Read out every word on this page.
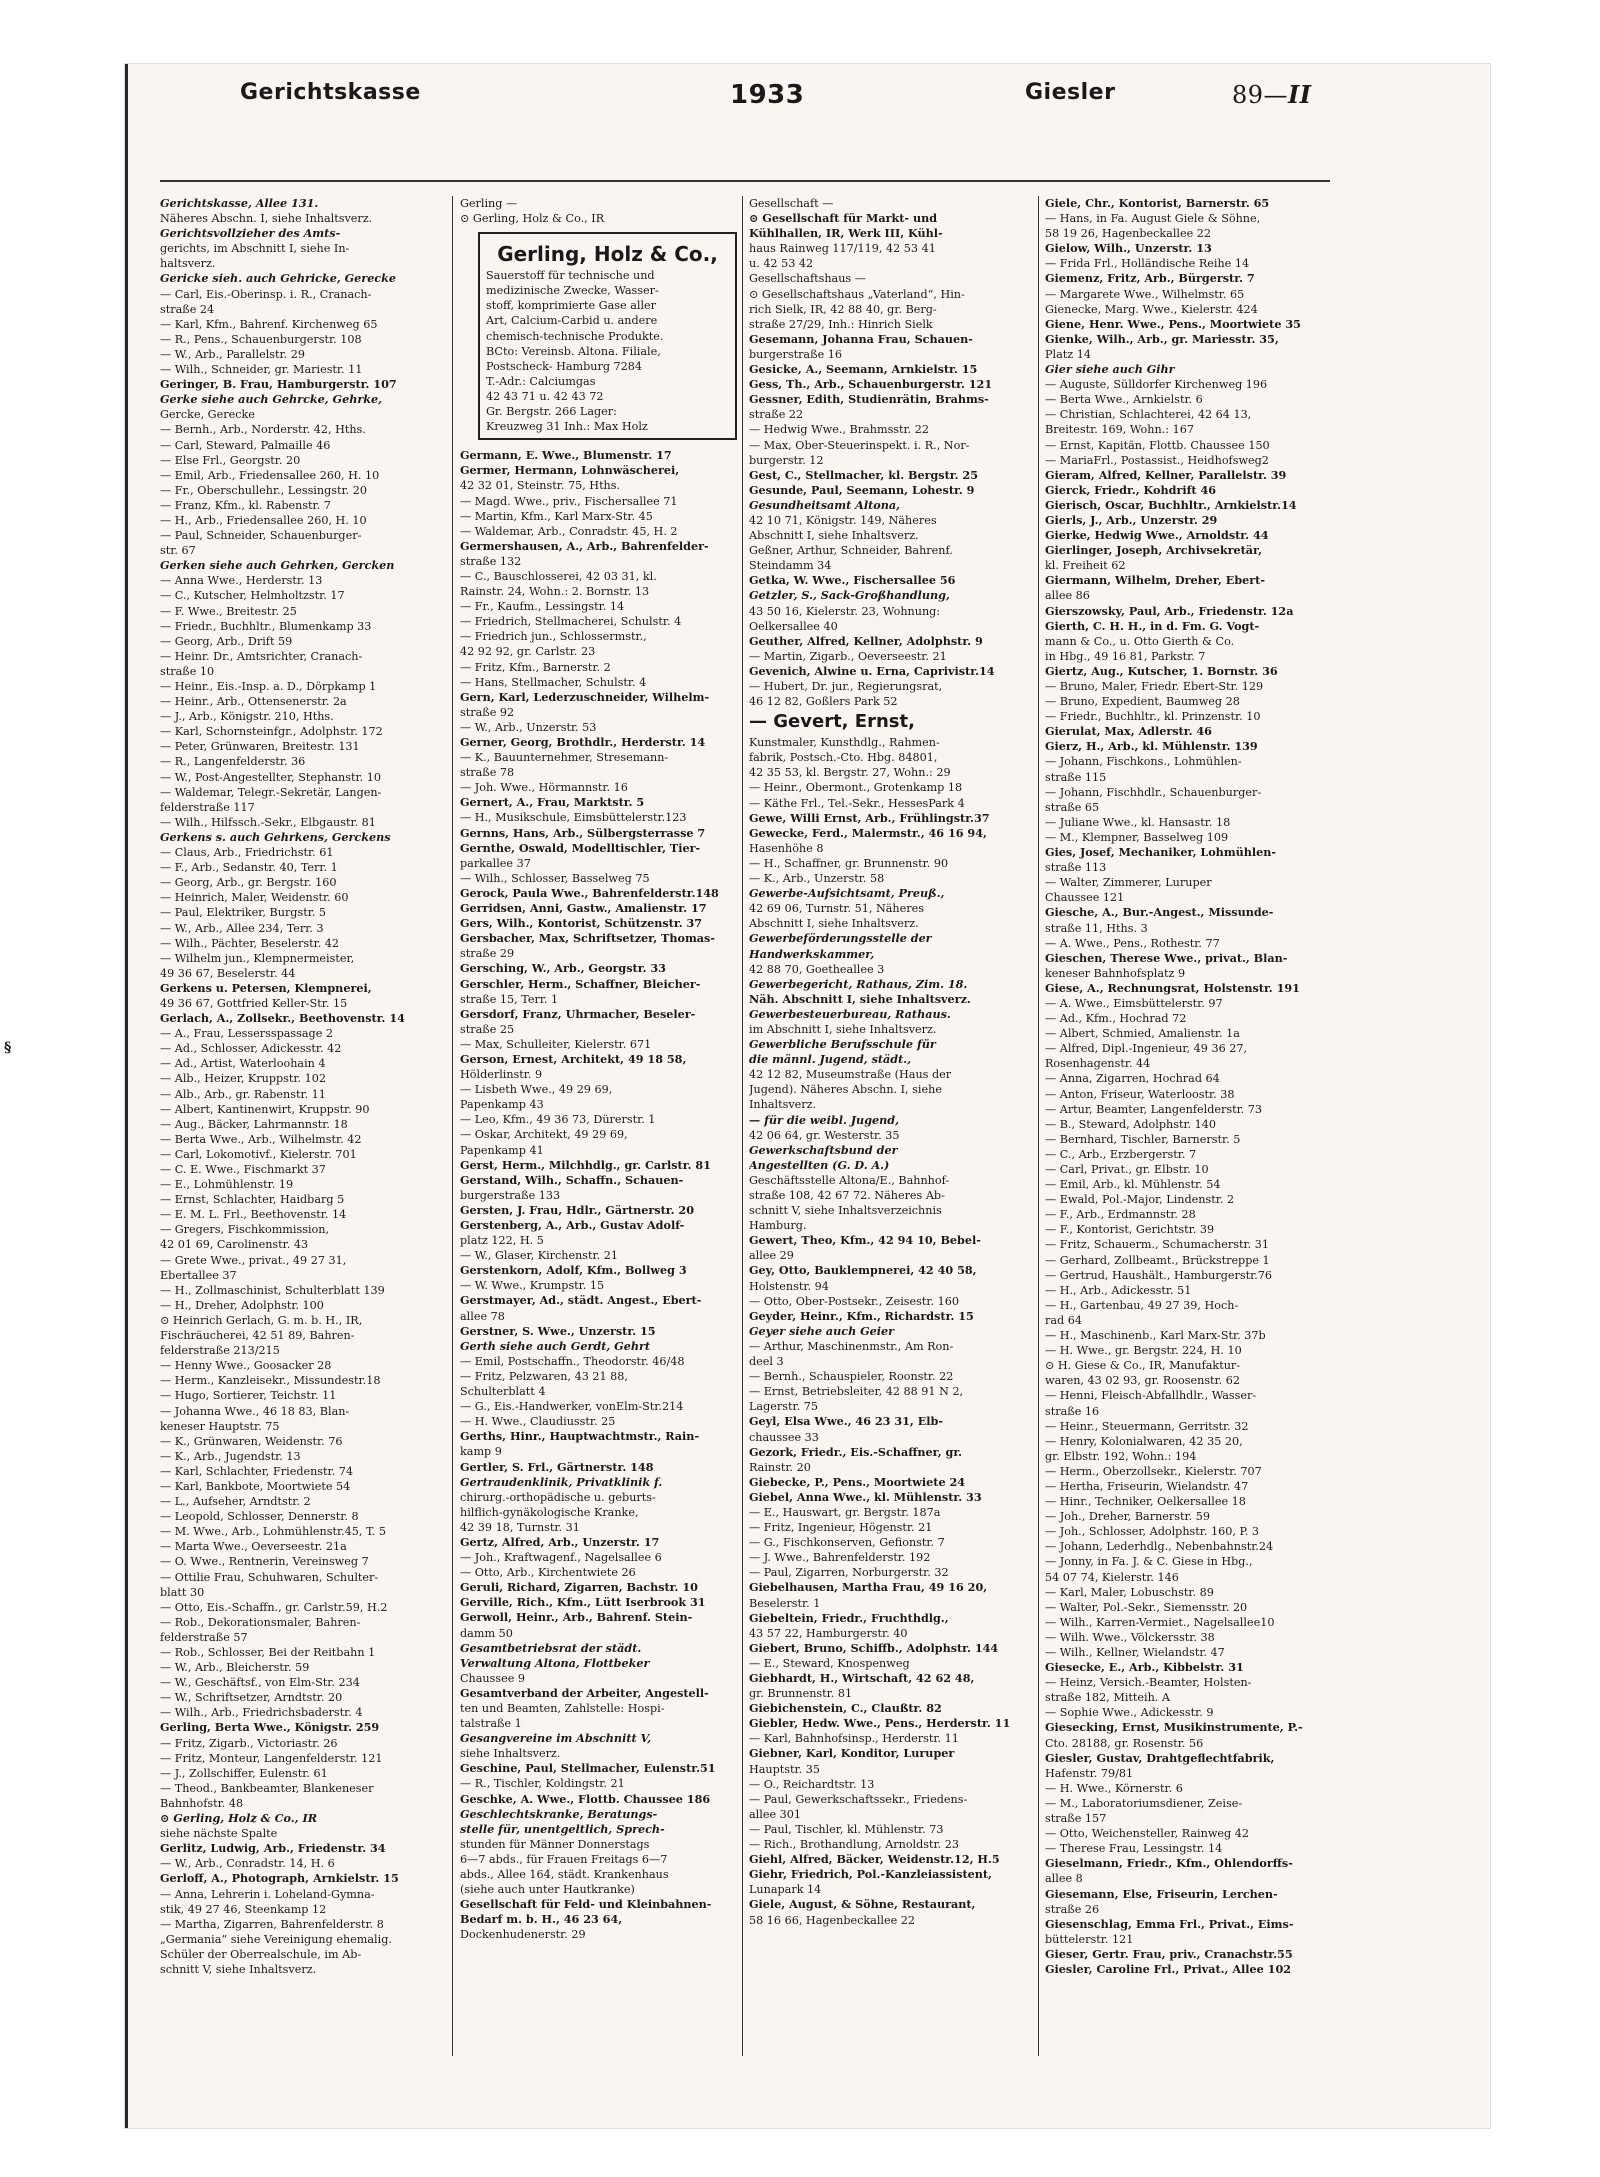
Gerichtskasse	1933	Giesler	89—II
§
Gerichtskasse, Allee 131.
Näheres Abschn. I, siehe Inhaltsverz.
Gerichtsvollzieher des Amts-
gerichts, im Abschnitt I, siehe In-
haltsverz.
Gericke sieh. auch Gehricke, Gerecke
— Carl, Eis.-Oberinsp. i. R., Cranach-
straße 24
— Karl, Kfm., Bahrenf. Kirchenweg 65
— R., Pens., Schauenburgerstr. 108
— W., Arb., Parallelstr. 29
— Wilh., Schneider, gr. Mariestr. 11
Geringer, B. Frau, Hamburgerstr. 107
Gerke siehe auch Gehrcke, Gehrke,
Gercke, Gerecke
— Bernh., Arb., Norderstr. 42, Hths.
— Carl, Steward, Palmaille 46
— Else Frl., Georgstr. 20
— Emil, Arb., Friedensallee 260, H. 10
— Fr., Oberschullehr., Lessingstr. 20
— Franz, Kfm., kl. Rabenstr. 7
— H., Arb., Friedensallee 260, H. 10
— Paul, Schneider, Schauenburger-
str. 67
Gerken siehe auch Gehrken, Gercken
— Anna Wwe., Herderstr. 13
— C., Kutscher, Helmholtzstr. 17
— F. Wwe., Breitestr. 25
— Friedr., Buchhltr., Blumenkamp 33
— Georg, Arb., Drift 59
— Heinr. Dr., Amtsrichter, Cranach-
straße 10
— Heinr., Eis.-Insp. a. D., Dörpkamp 1
— Heinr., Arb., Ottensenerstr. 2a
— J., Arb., Königstr. 210, Hths.
— Karl, Schornsteinfgr., Adolphstr. 172
— Peter, Grünwaren, Breitestr. 131
— R., Langenfelderstr. 36
— W., Post-Angestellter, Stephanstr. 10
— Waldemar, Telegr.-Sekretär, Langen-
felderstraße 117
— Wilh., Hilfssch.-Sekr., Elbgaustr. 81
Gerkens s. auch Gehrkens, Gerckens
— Claus, Arb., Friedrichstr. 61
— F., Arb., Sedanstr. 40, Terr. 1
— Georg, Arb., gr. Bergstr. 160
— Heinrich, Maler, Weidenstr. 60
— Paul, Elektriker, Burgstr. 5
— W., Arb., Allee 234, Terr. 3
— Wilh., Pächter, Beselerstr. 42
— Wilhelm jun., Klempnermeister,
49 36 67, Beselerstr. 44
Gerkens u. Petersen, Klempnerei,
49 36 67, Gottfried Keller-Str. 15
Gerlach, A., Zollsekr., Beethovenstr. 14
— A., Frau, Lessersspassage 2
— Ad., Schlosser, Adickesstr. 42
— Ad., Artist, Waterloohain 4
— Alb., Heizer, Kruppstr. 102
— Alb., Arb., gr. Rabenstr. 11
— Albert, Kantinenwirt, Kruppstr. 90
— Aug., Bäcker, Lahrmannstr. 18
— Berta Wwe., Arb., Wilhelmstr. 42
— Carl, Lokomotivf., Kielerstr. 701
— C. E. Wwe., Fischmarkt 37
— E., Lohmühlenstr. 19
— Ernst, Schlachter, Haidbarg 5
— E. M. L. Frl., Beethovenstr. 14
— Gregers, Fischkommission,
42 01 69, Carolinenstr. 43
— Grete Wwe., privat., 49 27 31,
Ebertallee 37
— H., Zollmaschinist, Schulterblatt 139
— H., Dreher, Adolphstr. 100
⊙ Heinrich Gerlach, G. m. b. H., IR,
Fischräucherei, 42 51 89, Bahren-
felderstraße 213/215
— Henny Wwe., Goosacker 28
— Herm., Kanzleisekr., Missundestr.18
— Hugo, Sortierer, Teichstr. 11
— Johanna Wwe., 46 18 83, Blan-
keneser Hauptstr. 75
— K., Grünwaren, Weidenstr. 76
— K., Arb., Jugendstr. 13
— Karl, Schlachter, Friedenstr. 74
— Karl, Bankbote, Moortwiete 54
— L., Aufseher, Arndtstr. 2
— Leopold, Schlosser, Dennerstr. 8
— M. Wwe., Arb., Lohmühlenstr.45, T. 5
— Marta Wwe., Oeverseestr. 21a
— O. Wwe., Rentnerin, Vereinsweg 7
— Ottilie Frau, Schuhwaren, Schulter-
blatt 30
— Otto, Eis.-Schaffn., gr. Carlstr.59, H.2
— Rob., Dekorationsmaler, Bahren-
felderstraße 57
— Rob., Schlosser, Bei der Reitbahn 1
— W., Arb., Bleicherstr. 59
— W., Geschäftsf., von Elm-Str. 234
— W., Schriftsetzer, Arndtstr. 20
— Wilh., Arb., Friedrichsbaderstr. 4
Gerling, Berta Wwe., Königstr. 259
— Fritz, Zigarb., Victoriastr. 26
— Fritz, Monteur, Langenfelderstr. 121
— J., Zollschiffer, Eulenstr. 61
— Theod., Bankbeamter, Blankeneser
Bahnhofstr. 48
⊙ Gerling, Holz & Co., IR
siehe nächste Spalte
Gerlitz, Ludwig, Arb., Friedenstr. 34
— W., Arb., Conradstr. 14, H. 6
Gerloff, A., Photograph, Arnkielstr. 15
— Anna, Lehrerin i. Loheland-Gymna-
stik, 49 27 46, Steenkamp 12
— Martha, Zigarren, Bahrenfelderstr. 8
„Germania“ siehe Vereinigung ehemalig.
Schüler der Oberrealschule, im Ab-
schnitt V, siehe Inhaltsverz.
Gerling —
⊙ Gerling, Holz & Co., IR
Gerling, Holz & Co.,
Sauerstoff für technische und
medizinische Zwecke, Wasser-
stoff, komprimierte Gase aller
Art, Calcium-Carbid u. andere
chemisch-technische Produkte.
BCto: Vereinsb. Altona. Filiale,
Postscheck- Hamburg 7284
T.-Adr.: Calciumgas
42 43 71 u. 42 43 72
Gr. Bergstr. 266 Lager:
Kreuzweg 31 Inh.: Max Holz
Germann, E. Wwe., Blumenstr. 17
Germer, Hermann, Lohnwäscherei,
42 32 01, Steinstr. 75, Hths.
— Magd. Wwe., priv., Fischersallee 71
— Martin, Kfm., Karl Marx-Str. 45
— Waldemar, Arb., Conradstr. 45, H. 2
Germershausen, A., Arb., Bahrenfelder-
straße 132
— C., Bauschlosserei, 42 03 31, kl.
Rainstr. 24, Wohn.: 2. Bornstr. 13
— Fr., Kaufm., Lessingstr. 14
— Friedrich, Stellmacherei, Schulstr. 4
— Friedrich jun., Schlossermstr.,
42 92 92, gr. Carlstr. 23
— Fritz, Kfm., Barnerstr. 2
— Hans, Stellmacher, Schulstr. 4
Gern, Karl, Lederzuschneider, Wilhelm-
straße 92
— W., Arb., Unzerstr. 53
Gerner, Georg, Brothdlr., Herderstr. 14
— K., Bauunternehmer, Stresemann-
straße 78
— Joh. Wwe., Hörmannstr. 16
Gernert, A., Frau, Marktstr. 5
— H., Musikschule, Eimsbüttelerstr.123
Gernns, Hans, Arb., Sülbergsterrasse 7
Gernthe, Oswald, Modelltischler, Tier-
parkallee 37
— Wilh., Schlosser, Basselweg 75
Gerock, Paula Wwe., Bahrenfelderstr.148
Gerridsen, Anni, Gastw., Amalienstr. 17
Gers, Wilh., Kontorist, Schützenstr. 37
Gersbacher, Max, Schriftsetzer, Thomas-
straße 29
Gersching, W., Arb., Georgstr. 33
Gerschler, Herm., Schaffner, Bleicher-
straße 15, Terr. 1
Gersdorf, Franz, Uhrmacher, Beseler-
straße 25
— Max, Schulleiter, Kielerstr. 671
Gerson, Ernest, Architekt, 49 18 58,
Hölderlinstr. 9
— Lisbeth Wwe., 49 29 69,
Papenkamp 43
— Leo, Kfm., 49 36 73, Dürerstr. 1
— Oskar, Architekt, 49 29 69,
Papenkamp 41
Gerst, Herm., Milchhdlg., gr. Carlstr. 81
Gerstand, Wilh., Schaffn., Schauen-
burgerstraße 133
Gersten, J. Frau, Hdlr., Gärtnerstr. 20
Gerstenberg, A., Arb., Gustav Adolf-
platz 122, H. 5
— W., Glaser, Kirchenstr. 21
Gerstenkorn, Adolf, Kfm., Bollweg 3
— W. Wwe., Krumpstr. 15
Gerstmayer, Ad., städt. Angest., Ebert-
allee 78
Gerstner, S. Wwe., Unzerstr. 15
Gerth siehe auch Gerdt, Gehrt
— Emil, Postschaffn., Theodorstr. 46/48
— Fritz, Pelzwaren, 43 21 88,
Schulterblatt 4
— G., Eis.-Handwerker, vonElm-Str.214
— H. Wwe., Claudiusstr. 25
Gerths, Hinr., Hauptwachtmstr., Rain-
kamp 9
Gertler, S. Frl., Gärtnerstr. 148
Gertraudenklinik, Privatklinik f.
chirurg.-orthopädische u. geburts-
hilflich-gynäkologische Kranke,
42 39 18, Turnstr. 31
Gertz, Alfred, Arb., Unzerstr. 17
— Joh., Kraftwagenf., Nagelsallee 6
— Otto, Arb., Kirchentwiete 26
Geruli, Richard, Zigarren, Bachstr. 10
Gerville, Rich., Kfm., Lütt Iserbrook 31
Gerwoll, Heinr., Arb., Bahrenf. Stein-
damm 50
Gesamtbetriebsrat der städt.
Verwaltung Altona, Flottbeker
Chaussee 9
Gesamtverband der Arbeiter, Angestell-
ten und Beamten, Zahlstelle: Hospi-
talstraße 1
Gesangvereine im Abschnitt V,
siehe Inhaltsverz.
Geschine, Paul, Stellmacher, Eulenstr.51
— R., Tischler, Koldingstr. 21
Geschke, A. Wwe., Flottb. Chaussee 186
Geschlechtskranke, Beratungs-
stelle für, unentgeltlich, Sprech-
stunden für Männer Donnerstags
6—7 abds., für Frauen Freitags 6—7
abds., Allee 164, städt. Krankenhaus
(siehe auch unter Hautkranke)
Gesellschaft für Feld- und Kleinbahnen-
Bedarf m. b. H., 46 23 64,
Dockenhudenerstr. 29
Gesellschaft —
⊙ Gesellschaft für Markt- und
Kühlhallen, IR, Werk III, Kühl-
haus Rainweg 117/119, 42 53 41
u. 42 53 42
Gesellschaftshaus —
⊙ Gesellschaftshaus „Vaterland“, Hin-
rich Sielk, IR, 42 88 40, gr. Berg-
straße 27/29, Inh.: Hinrich Sielk
Gesemann, Johanna Frau, Schauen-
burgerstraße 16
Gesicke, A., Seemann, Arnkielstr. 15
Gess, Th., Arb., Schauenburgerstr. 121
Gessner, Edith, Studienrätin, Brahms-
straße 22
— Hedwig Wwe., Brahmsstr. 22
— Max, Ober-Steuerinspekt. i. R., Nor-
burgerstr. 12
Gest, C., Stellmacher, kl. Bergstr. 25
Gesunde, Paul, Seemann, Lohestr. 9
Gesundheitsamt Altona,
42 10 71, Königstr. 149, Näheres
Abschnitt I, siehe Inhaltsverz.
Geßner, Arthur, Schneider, Bahrenf.
Steindamm 34
Getka, W. Wwe., Fischersallee 56
Getzler, S., Sack-Großhandlung,
43 50 16, Kielerstr. 23, Wohnung:
Oelkersallee 40
Geuther, Alfred, Kellner, Adolphstr. 9
— Martin, Zigarb., Oeverseestr. 21
Gevenich, Alwine u. Erna, Caprivistr.14
— Hubert, Dr. jur., Regierungsrat,
46 12 82, Goßlers Park 52
— Gevert, Ernst,
Kunstmaler, Kunsthdlg., Rahmen-
fabrik, Postsch.-Cto. Hbg. 84801,
42 35 53, kl. Bergstr. 27, Wohn.: 29
— Heinr., Obermont., Grotenkamp 18
— Käthe Frl., Tel.-Sekr., HessesPark 4
Gewe, Willi Ernst, Arb., Frühlingstr.37
Gewecke, Ferd., Malermstr., 46 16 94,
Hasenhöhe 8
— H., Schaffner, gr. Brunnenstr. 90
— K., Arb., Unzerstr. 58
Gewerbe-Aufsichtsamt, Preuß.,
42 69 06, Turnstr. 51, Näheres
Abschnitt I, siehe Inhaltsverz.
Gewerbeförderungsstelle der
Handwerkskammer,
42 88 70, Goetheallee 3
Gewerbegericht, Rathaus, Zim. 18.
Näh. Abschnitt I, siehe Inhaltsverz.
Gewerbesteuerbureau, Rathaus.
im Abschnitt I, siehe Inhaltsverz.
Gewerbliche Berufsschule für
die männl. Jugend, städt.,
42 12 82, Museumstraße (Haus der
Jugend). Näheres Abschn. I, siehe
Inhaltsverz.
— für die weibl. Jugend,
42 06 64, gr. Westerstr. 35
Gewerkschaftsbund der
Angestellten (G. D. A.)
Geschäftsstelle Altona/E., Bahnhof-
straße 108, 42 67 72. Näheres Ab-
schnitt V, siehe Inhaltsverzeichnis
Hamburg.
Gewert, Theo, Kfm., 42 94 10, Bebel-
allee 29
Gey, Otto, Bauklempnerei, 42 40 58,
Holstenstr. 94
— Otto, Ober-Postsekr., Zeisestr. 160
Geyder, Heinr., Kfm., Richardstr. 15
Geyer siehe auch Geier
— Arthur, Maschinenmstr., Am Ron-
deel 3
— Bernh., Schauspieler, Roonstr. 22
— Ernst, Betriebsleiter, 42 88 91 N 2,
Lagerstr. 75
Geyl, Elsa Wwe., 46 23 31, Elb-
chaussee 33
Gezork, Friedr., Eis.-Schaffner, gr.
Rainstr. 20
Giebecke, P., Pens., Moortwiete 24
Giebel, Anna Wwe., kl. Mühlenstr. 33
— E., Hauswart, gr. Bergstr. 187a
— Fritz, Ingenieur, Högenstr. 21
— G., Fischkonserven, Gefionstr. 7
— J. Wwe., Bahrenfelderstr. 192
— Paul, Zigarren, Norburgerstr. 32
Giebelhausen, Martha Frau, 49 16 20,
Beselerstr. 1
Giebeltein, Friedr., Fruchthdlg.,
43 57 22, Hamburgerstr. 40
Giebert, Bruno, Schiffb., Adolphstr. 144
— E., Steward, Knospenweg
Giebhardt, H., Wirtschaft, 42 62 48,
gr. Brunnenstr. 81
Giebichenstein, C., Claußtr. 82
Giebler, Hedw. Wwe., Pens., Herderstr. 11
— Karl, Bahnhofsinsp., Herderstr. 11
Giebner, Karl, Konditor, Luruper
Hauptstr. 35
— O., Reichardtstr. 13
— Paul, Gewerkschaftssekr., Friedens-
allee 301
— Paul, Tischler, kl. Mühlenstr. 73
— Rich., Brothandlung, Arnoldstr. 23
Giehl, Alfred, Bäcker, Weidenstr.12, H.5
Giehr, Friedrich, Pol.-Kanzleiassistent,
Lunapark 14
Giele, August, & Söhne, Restaurant,
58 16 66, Hagenbeckallee 22
Giele, Chr., Kontorist, Barnerstr. 65
— Hans, in Fa. August Giele & Söhne,
58 19 26, Hagenbeckallee 22
Gielow, Wilh., Unzerstr. 13
— Frida Frl., Holländische Reihe 14
Giemenz, Fritz, Arb., Bürgerstr. 7
— Margarete Wwe., Wilhelmstr. 65
Gienecke, Marg. Wwe., Kielerstr. 424
Giene, Henr. Wwe., Pens., Moortwiete 35
Gienke, Wilh., Arb., gr. Mariesstr. 35,
Platz 14
Gier siehe auch Gihr
— Auguste, Sülldorfer Kirchenweg 196
— Berta Wwe., Arnkielstr. 6
— Christian, Schlachterei, 42 64 13,
Breitestr. 169, Wohn.: 167
— Ernst, Kapitän, Flottb. Chaussee 150
— MariaFrl., Postassist., Heidhofsweg2
Gieram, Alfred, Kellner, Parallelstr. 39
Gierck, Friedr., Kohdrift 46
Gierisch, Oscar, Buchhltr., Arnkielstr.14
Gierls, J., Arb., Unzerstr. 29
Gierke, Hedwig Wwe., Arnoldstr. 44
Gierlinger, Joseph, Archivsekretär,
kl. Freiheit 62
Giermann, Wilhelm, Dreher, Ebert-
allee 86
Gierszowsky, Paul, Arb., Friedenstr. 12a
Gierth, C. H. H., in d. Fm. G. Vogt-
mann & Co., u. Otto Gierth & Co.
in Hbg., 49 16 81, Parkstr. 7
Giertz, Aug., Kutscher, 1. Bornstr. 36
— Bruno, Maler, Friedr. Ebert-Str. 129
— Bruno, Expedient, Baumweg 28
— Friedr., Buchhltr., kl. Prinzenstr. 10
Gierulat, Max, Adlerstr. 46
Gierz, H., Arb., kl. Mühlenstr. 139
— Johann, Fischkons., Lohmühlen-
straße 115
— Johann, Fischhdlr., Schauenburger-
straße 65
— Juliane Wwe., kl. Hansastr. 18
— M., Klempner, Basselweg 109
Gies, Josef, Mechaniker, Lohmühlen-
straße 113
— Walter, Zimmerer, Luruper
Chaussee 121
Giesche, A., Bur.-Angest., Missunde-
straße 11, Hths. 3
— A. Wwe., Pens., Rothestr. 77
Gieschen, Therese Wwe., privat., Blan-
keneser Bahnhofsplatz 9
Giese, A., Rechnungsrat, Holstenstr. 191
— A. Wwe., Eimsbüttelerstr. 97
— Ad., Kfm., Hochrad 72
— Albert, Schmied, Amalienstr. 1a
— Alfred, Dipl.-Ingenieur, 49 36 27,
Rosenhagenstr. 44
— Anna, Zigarren, Hochrad 64
— Anton, Friseur, Waterloostr. 38
— Artur, Beamter, Langenfelderstr. 73
— B., Steward, Adolphstr. 140
— Bernhard, Tischler, Barnerstr. 5
— C., Arb., Erzbergerstr. 7
— Carl, Privat., gr. Elbstr. 10
— Emil, Arb., kl. Mühlenstr. 54
— Ewald, Pol.-Major, Lindenstr. 2
— F., Arb., Erdmannstr. 28
— F., Kontorist, Gerichtstr. 39
— Fritz, Schauerm., Schumacherstr. 31
— Gerhard, Zollbeamt., Brückstreppe 1
— Gertrud, Haushält., Hamburgerstr.76
— H., Arb., Adickesstr. 51
— H., Gartenbau, 49 27 39, Hoch-
rad 64
— H., Maschinenb., Karl Marx-Str. 37b
— H. Wwe., gr. Bergstr. 224, H. 10
⊙ H. Giese & Co., IR, Manufaktur-
waren, 43 02 93, gr. Roosenstr. 62
— Henni, Fleisch-Abfallhdlr., Wasser-
straße 16
— Heinr., Steuermann, Gerritstr. 32
— Henry, Kolonialwaren, 42 35 20,
gr. Elbstr. 192, Wohn.: 194
— Herm., Oberzollsekr., Kielerstr. 707
— Hertha, Friseurin, Wielandstr. 47
— Hinr., Techniker, Oelkersallee 18
— Joh., Dreher, Barnerstr. 59
— Joh., Schlosser, Adolphstr. 160, P. 3
— Johann, Lederhdlg., Nebenbahnstr.24
— Jonny, in Fa. J. & C. Giese in Hbg.,
54 07 74, Kielerstr. 146
— Karl, Maler, Lobuschstr. 89
— Walter, Pol.-Sekr., Siemensstr. 20
— Wilh., Karren-Vermiet., Nagelsallee10
— Wilh. Wwe., Völckersstr. 38
— Wilh., Kellner, Wielandstr. 47
Giesecke, E., Arb., Kibbelstr. 31
— Heinz, Versich.-Beamter, Holsten-
straße 182, Mitteih. A
— Sophie Wwe., Adickesstr. 9
Giesecking, Ernst, Musikinstrumente, P.-
Cto. 28188, gr. Rosenstr. 56
Giesler, Gustav, Drahtgeflechtfabrik,
Hafenstr. 79/81
— H. Wwe., Körnerstr. 6
— M., Laboratoriumsdiener, Zeise-
straße 157
— Otto, Weichensteller, Rainweg 42
— Therese Frau, Lessingstr. 14
Gieselmann, Friedr., Kfm., Ohlendorffs-
allee 8
Giesemann, Else, Friseurin, Lerchen-
straße 26
Giesenschlag, Emma Frl., Privat., Eims-
büttelerstr. 121
Gieser, Gertr. Frau, priv., Cranachstr.55
Giesler, Caroline Frl., Privat., Allee 102
